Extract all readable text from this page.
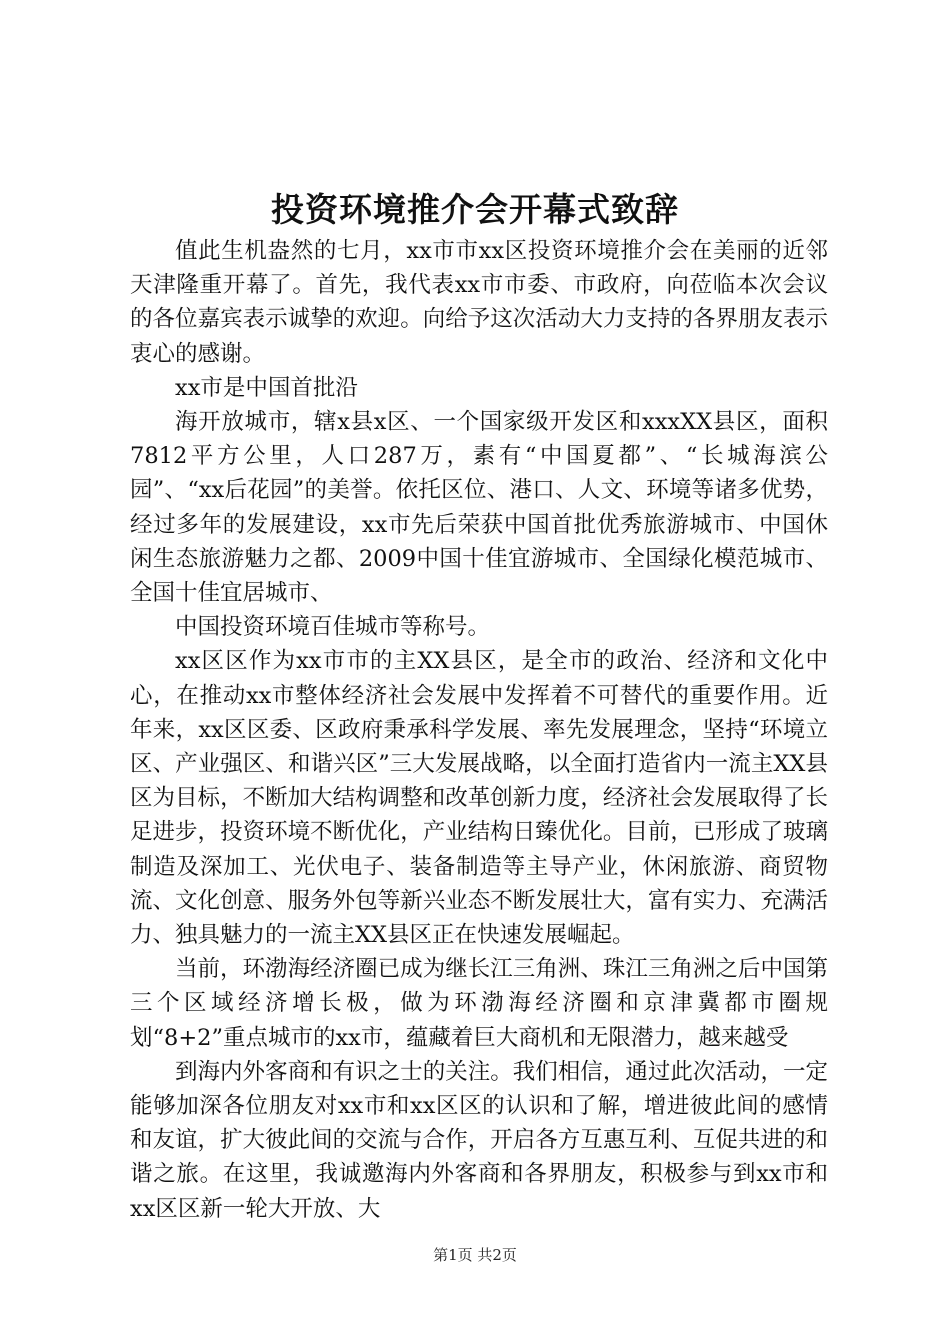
投资环境推介会开幕式致辞

值此生机盎然的七月，xx市市xx区投资环境推介会在美丽的近邻天津隆重开幕了。首先，我代表xx市市委、市政府，向莅临本次会议的各位嘉宾表示诚挚的欢迎。向给予这次活动大力支持的各界朋友表示衷心的感谢。

xx市是中国首批沿

海开放城市，辖x县x区、一个国家级开发区和xxxXX县区，面积7812平方公里，人口287万，素有“中国夏都”、“长城海滨公园”、“xx后花园”的美誉。依托区位、港口、人文、环境等诸多优势，经过多年的发展建设，xx市先后荣获中国首批优秀旅游城市、中国休闲生态旅游魅力之都、2009中国十佳宜游城市、全国绿化模范城市、全国十佳宜居城市、

中国投资环境百佳城市等称号。

xx区区作为xx市市的主XX县区，是全市的政治、经济和文化中心，在推动xx市整体经济社会发展中发挥着不可替代的重要作用。近年来，xx区区委、区政府秉承科学发展、率先发展理念，坚持“环境立区、产业强区、和谐兴区”三大发展战略，以全面打造省内一流主XX县区为目标，不断加大结构调整和改革创新力度，经济社会发展取得了长足进步，投资环境不断优化，产业结构日臻优化。目前，已形成了玻璃制造及深加工、光伏电子、装备制造等主导产业，休闲旅游、商贸物流、文化创意、服务外包等新兴业态不断发展壮大，富有实力、充满活力、独具魅力的一流主XX县区正在快速发展崛起。

当前，环渤海经济圈已成为继长江三角洲、珠江三角洲之后中国第三个区域经济增长极，做为环渤海经济圈和京津冀都市圈规划“8+2”重点城市的xx市，蕴藏着巨大商机和无限潜力，越来越受

到海内外客商和有识之士的关注。我们相信，通过此次活动，一定能够加深各位朋友对xx市和xx区区的认识和了解，增进彼此间的感情和友谊，扩大彼此间的交流与合作，开启各方互惠互利、互促共进的和谐之旅。在这里，我诚邀海内外客商和各界朋友，积极参与到xx市和xx区区新一轮大开放、大

第1页 共2页
